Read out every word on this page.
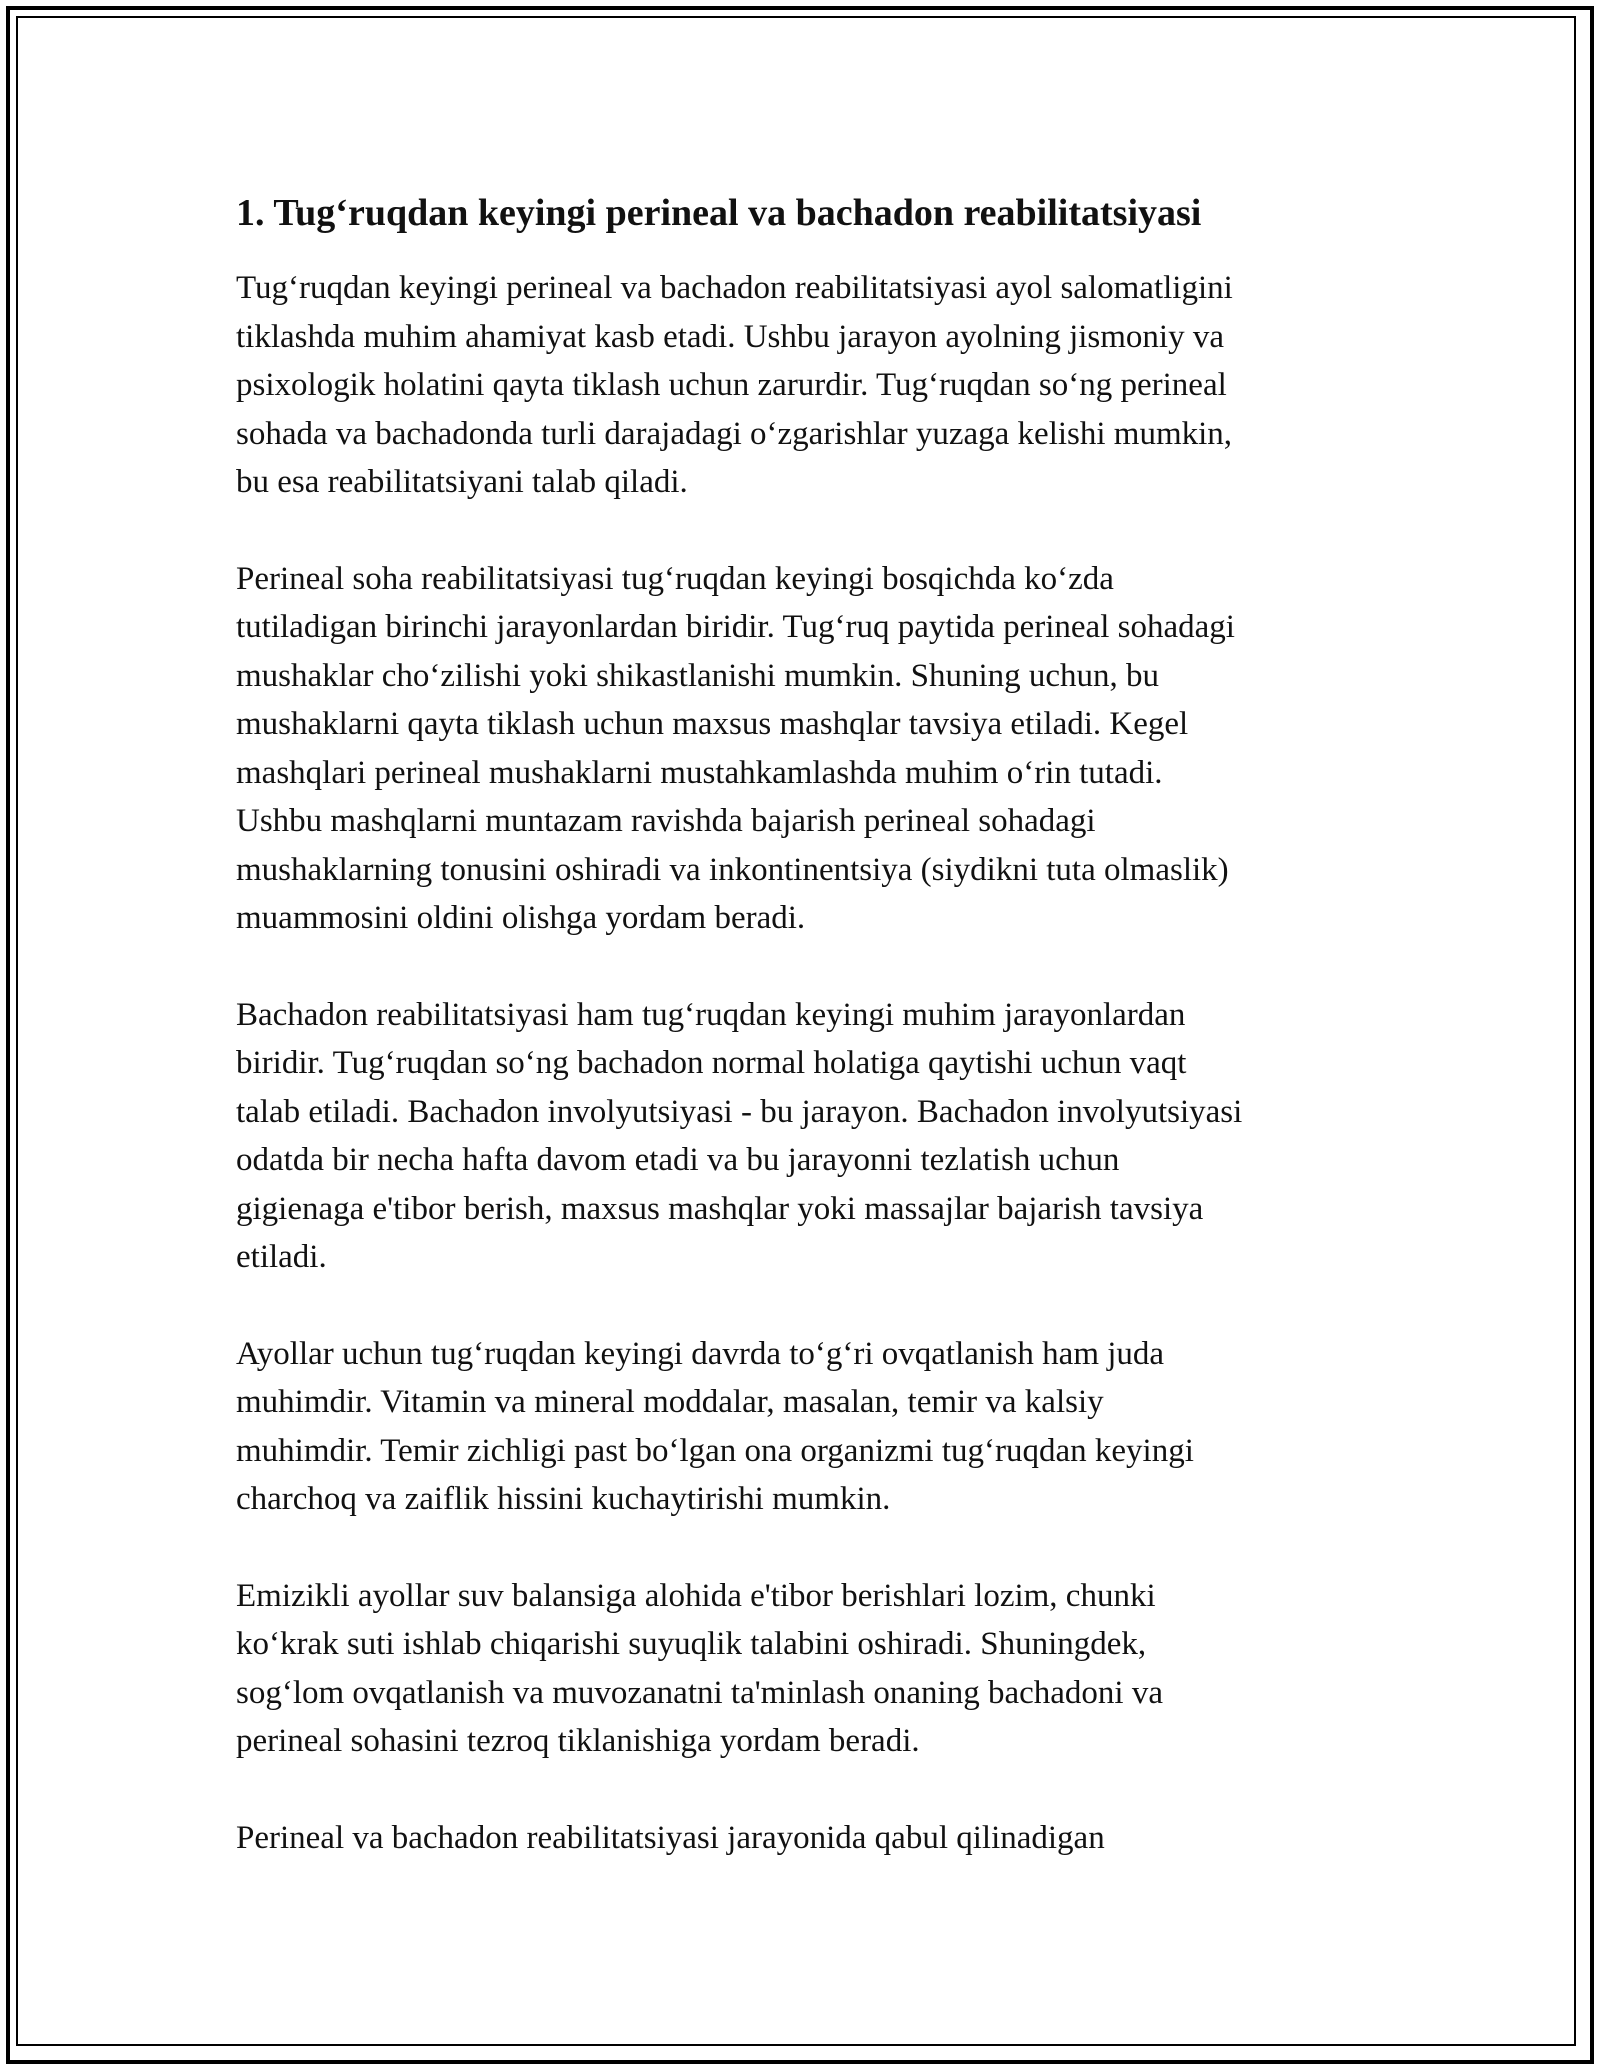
1. Tug‘ruqdan keyingi perineal va bachadon reabilitatsiyasi

Tug‘ruqdan keyingi perineal va bachadon reabilitatsiyasi ayol salomatligini
tiklashda muhim ahamiyat kasb etadi. Ushbu jarayon ayolning jismoniy va
psixologik holatini qayta tiklash uchun zarurdir. Tug‘ruqdan so‘ng perineal
sohada va bachadonda turli darajadagi o‘zgarishlar yuzaga kelishi mumkin,
bu esa reabilitatsiyani talab qiladi.

Perineal soha reabilitatsiyasi tug‘ruqdan keyingi bosqichda ko‘zda
tutiladigan birinchi jarayonlardan biridir. Tug‘ruq paytida perineal sohadagi
mushaklar cho‘zilishi yoki shikastlanishi mumkin. Shuning uchun, bu
mushaklarni qayta tiklash uchun maxsus mashqlar tavsiya etiladi. Kegel
mashqlari perineal mushaklarni mustahkamlashda muhim o‘rin tutadi.
Ushbu mashqlarni muntazam ravishda bajarish perineal sohadagi
mushaklarning tonusini oshiradi va inkontinentsiya (siydikni tuta olmaslik)
muammosini oldini olishga yordam beradi.

Bachadon reabilitatsiyasi ham tug‘ruqdan keyingi muhim jarayonlardan
biridir. Tug‘ruqdan so‘ng bachadon normal holatiga qaytishi uchun vaqt
talab etiladi. Bachadon involyutsiyasi - bu jarayon. Bachadon involyutsiyasi
odatda bir necha hafta davom etadi va bu jarayonni tezlatish uchun
gigienaga e'tibor berish, maxsus mashqlar yoki massajlar bajarish tavsiya
etiladi.

Ayollar uchun tug‘ruqdan keyingi davrda to‘g‘ri ovqatlanish ham juda
muhimdir. Vitamin va mineral moddalar, masalan, temir va kalsiy
muhimdir. Temir zichligi past bo‘lgan ona organizmi tug‘ruqdan keyingi
charchoq va zaiflik hissini kuchaytirishi mumkin.

Emizikli ayollar suv balansiga alohida e'tibor berishlari lozim, chunki
ko‘krak suti ishlab chiqarishi suyuqlik talabini oshiradi. Shuningdek,
sog‘lom ovqatlanish va muvozanatni ta'minlash onaning bachadoni va
perineal sohasini tezroq tiklanishiga yordam beradi.

Perineal va bachadon reabilitatsiyasi jarayonida qabul qilinadigan
